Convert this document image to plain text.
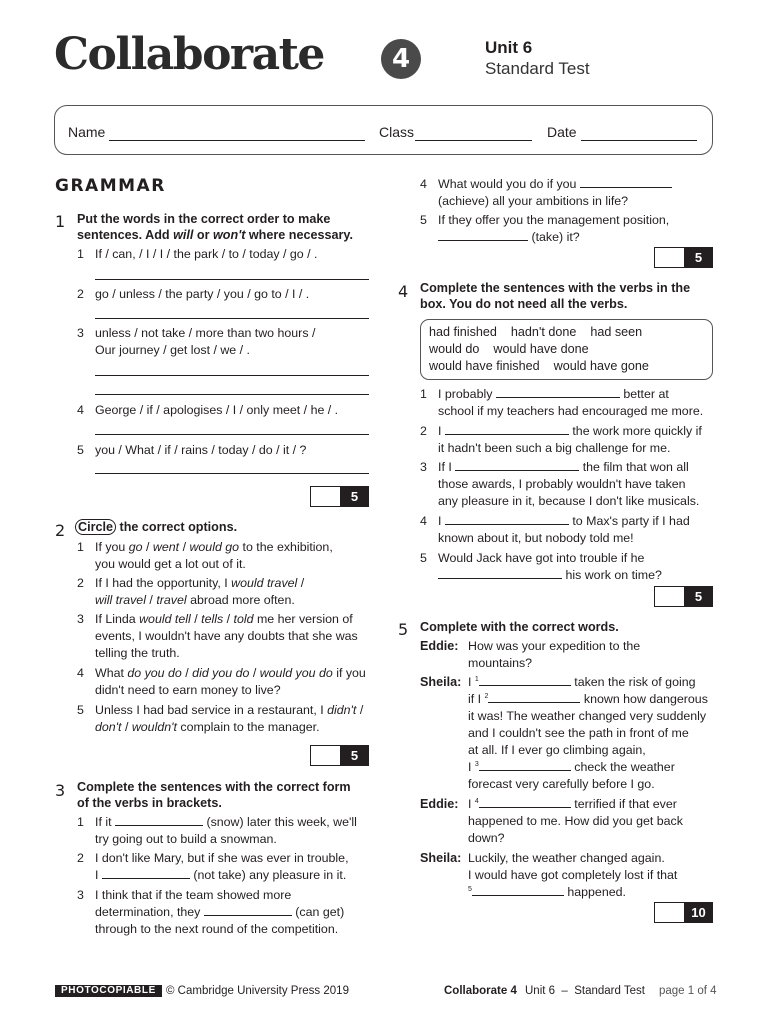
Collaborate	4	Unit 6
Standard Test
Name	Class	Date
GRAMMAR
1 Put the words in the correct order to make
sentences. Add will or won't where necessary.
1 If / can, / I / I / the park / to / today / go / .
2 go / unless / the party / you / go to / I / .
3 unless / not take / more than two hours /
Our journey / get lost / we / .
4 George / if / apologises / I / only meet / he / .
5 you / What / if / rains / today / do / it / ?
5
2 Circle the correct options.
1 If you go / went / would go to the exhibition,
you would get a lot out of it.
2 If I had the opportunity, I would travel /
will travel / travel abroad more often.
3 If Linda would tell / tells / told me her version of
events, I wouldn't have any doubts that she was
telling the truth.
4 What do you do / did you do / would you do if you
didn't need to earn money to live?
5 Unless I had bad service in a restaurant, I didn't /
don't / wouldn't complain to the manager.
5
3 Complete the sentences with the correct form
of the verbs in brackets.
1 If it	(snow) later this week, we'll
try going out to build a snowman.
2 I don't like Mary, but if she was ever in trouble,
I	(not take) any pleasure in it.
3 I think that if the team showed more
determination, they	(can get)
through to the next round of the competition.
4 What would you do if you
(achieve) all your ambitions in life?
5 If they offer you the management position,
(take) it?
5
4 Complete the sentences with the verbs in the
box. You do not need all the verbs.
had finished hadn't done had seen
would do would have done
would have finished would have gone
1 I probably	better at
school if my teachers had encouraged me more.
2 I	the work more quickly if
it hadn't been such a big challenge for me.
3 If I	the film that won all
those awards, I probably wouldn't have taken
any pleasure in it, because I don't like musicals.
4 I	to Max's party if I had
known about it, but nobody told me!
5 Would Jack have got into trouble if he
his work on time?
5
5 Complete with the correct words.
Eddie: How was your expedition to the
mountains?
Sheila: I $^1$	taken the risk of going
if I $^2$	known how dangerous
it was! The weather changed very suddenly
and I couldn't see the path in front of me
at all. If I ever go climbing again,
I $^3$	check the weather
forecast very carefully before I go.
Eddie: I $^4$	terrified if that ever
happened to me. How did you get back
down?
Sheila: Luckily, the weather changed again.
I would have got completely lost if that
$^5$	happened.
10
PHOTOCOPIABLE © Cambridge University Press 2019	Collaborate 4 Unit 6  –  Standard Test page 1 of 4
